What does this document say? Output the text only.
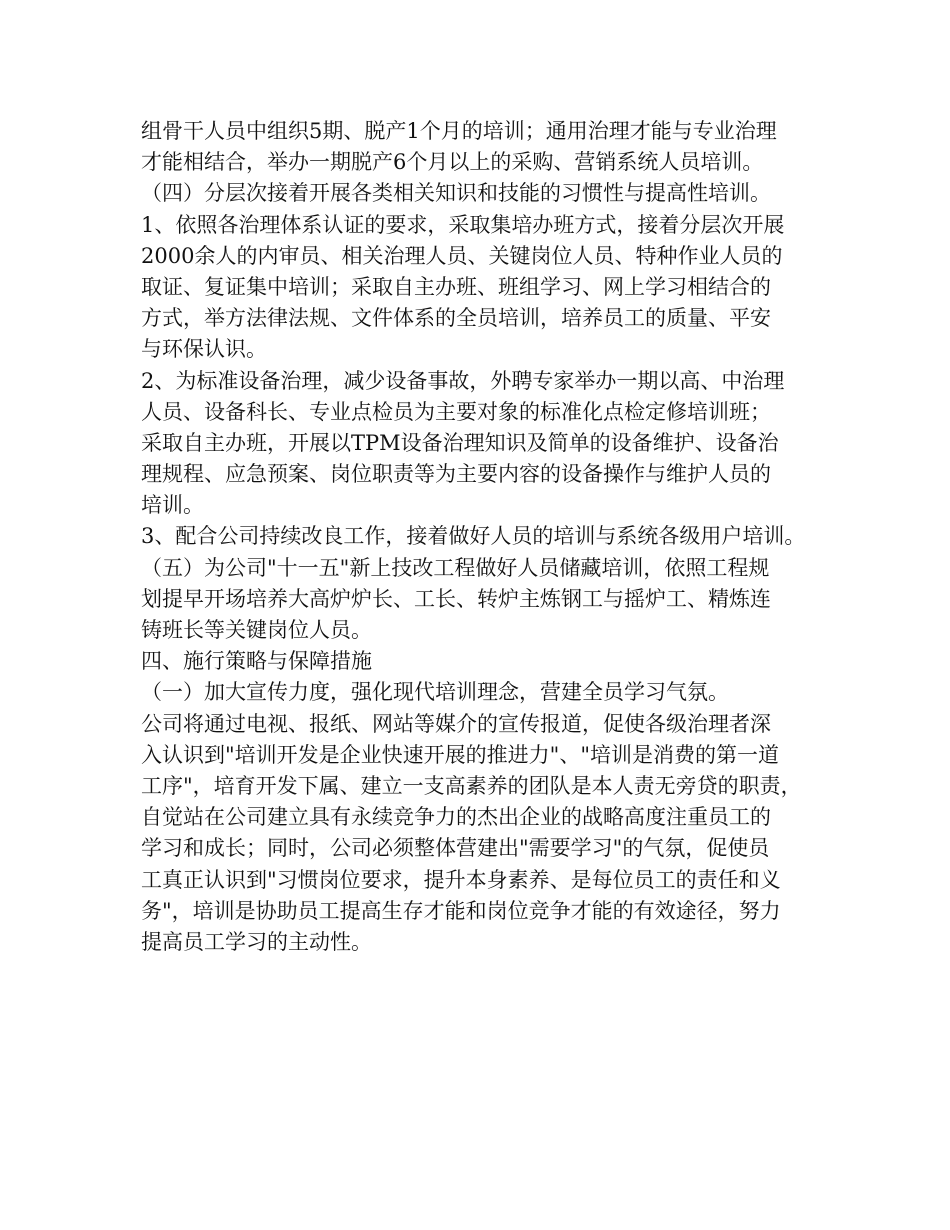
组骨干人员中组织5期、脱产1个月的培训；通用治理才能与专业治理
才能相结合，举办一期脱产6个月以上的采购、营销系统人员培训。
（四）分层次接着开展各类相关知识和技能的习惯性与提高性培训。
1、依照各治理体系认证的要求，采取集培办班方式，接着分层次开展
2000余人的内审员、相关治理人员、关键岗位人员、特种作业人员的
取证、复证集中培训；采取自主办班、班组学习、网上学习相结合的
方式，举方法律法规、文件体系的全员培训，培养员工的质量、平安
与环保认识。
2、为标准设备治理，减少设备事故，外聘专家举办一期以高、中治理
人员、设备科长、专业点检员为主要对象的标准化点检定修培训班；
采取自主办班，开展以TPM设备治理知识及简单的设备维护、设备治
理规程、应急预案、岗位职责等为主要内容的设备操作与维护人员的
培训。
3、配合公司持续改良工作，接着做好人员的培训与系统各级用户培训。
（五）为公司"十一五"新上技改工程做好人员储藏培训，依照工程规
划提早开场培养大高炉炉长、工长、转炉主炼钢工与摇炉工、精炼连
铸班长等关键岗位人员。
四、施行策略与保障措施
（一）加大宣传力度，强化现代培训理念，营建全员学习气氛。
公司将通过电视、报纸、网站等媒介的宣传报道，促使各级治理者深
入认识到"培训开发是企业快速开展的推进力"、"培训是消费的第一道
工序"，培育开发下属、建立一支高素养的团队是本人责无旁贷的职责，
自觉站在公司建立具有永续竞争力的杰出企业的战略高度注重员工的
学习和成长；同时，公司必须整体营建出"需要学习"的气氛，促使员
工真正认识到"习惯岗位要求，提升本身素养、是每位员工的责任和义
务"，培训是协助员工提高生存才能和岗位竞争才能的有效途径，努力
提高员工学习的主动性。
